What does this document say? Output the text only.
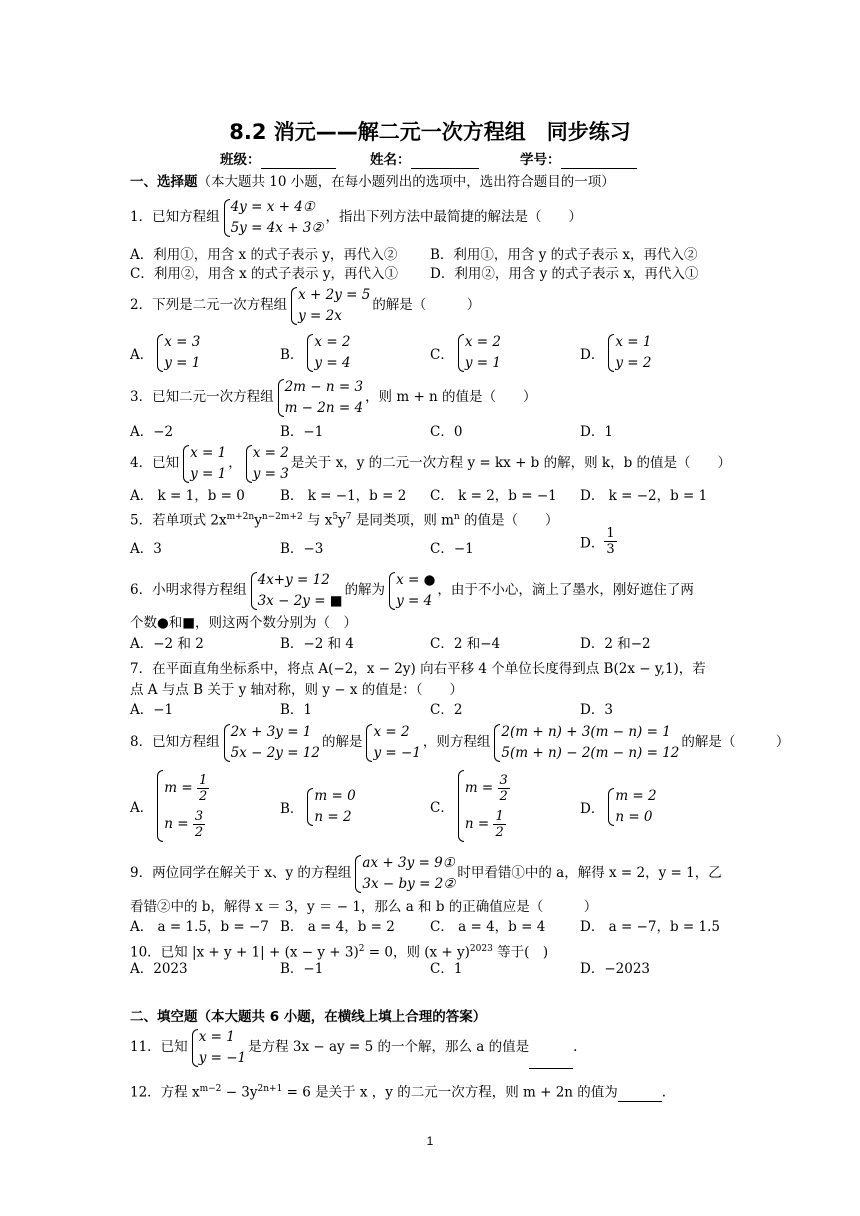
8.2 消元——解二元一次方程组　同步练习
班级：	姓名：	学号：
一、选择题（本大题共 10 小题，在每小题列出的选项中，选出符合题目的一项）
1．已知方程组
4y = x + 4①
5y = 4x + 3②
，指出下列方法中最简捷的解法是（　　）
A．利用①，用含 x 的式子表示 y，再代入② B．利用①，用含 y 的式子表示 x，再代入②
C．利用②，用含 x 的式子表示 y，再代入① D．利用②，用含 y 的式子表示 x，再代入①
2．下列是二元一次方程组
x + 2y = 5
y = 2x
的解是（　　　）
A．
x = 3
y = 1	B．
x = 2
y = 4	C．
x = 2
y = 1	D．
x = 1
y = 2
3．已知二元一次方程组
2m − n = 3
m − 2n = 4
，则 m + n 的值是（　　）
A．−2	B．−1	C．0	D．1
4．已知
x = 1
y = 1
，
x = 2
y = 3
是关于 x，y 的二元一次方程 y = kx + b 的解，则 k，b 的值是（　　）
A． k = 1，b = 0	B． k = −1，b = 2 C． k = 2，b = −1 D． k = −2，b = 1
5．若单项式 $2x^{m+2n}y^{n-2m+2}$ 与 $x^5y^7$ 是同类项，则 $m^n$ 的值是（　　）
A．3	B．−3	C．−1	D． $\frac{1}{3}$
6．小明求得方程组
4x+y = 12
3x − 2y = ■
的解为
x = ●
y = 4
，由于不小心，滴上了墨水，刚好遮住了两
个数●和■，则这两个数分别为（　）
A．−2 和 2	B．−2 和 4	C．2 和−4	D．2 和−2
7．在平面直角坐标系中，将点 A(−2，x − 2y) 向右平移 4 个单位长度得到点 B(2x − y,1)，若
点 A 与点 B 关于 y 轴对称，则 y − x 的值是：（　　）
A．−1	B．1	C．2	D．3
8．已知方程组
2x + 3y = 1
5x − 2y = 12
的解是
x = 2
y = −1
，则方程组
2(m + n) + 3(m − n) = 1
5(m + n) − 2(m − n) = 12
的解是（　　　）
A．
$m = \frac{1}{2}$
$n = \frac{3}{2}$	B．
m = 0
n = 2
C．
$m = \frac{3}{2}$
$n = \frac{1}{2}$	D．
m = 2
n = 0
9．两位同学在解关于 x、y 的方程组
ax + 3y = 9①
3x − by = 2②
时甲看错①中的 a，解得 x = 2，y = 1，乙
看错②中的 b，解得 x ＝ 3，y ＝ − 1，那么 a 和 b 的正确值应是（　　　）
A． a = 1.5，b = −7 B． a = 4，b = 2	C． a = 4，b = 4	D． a = −7，b = 1.5
10．已知 $|x + y + 1| + (x - y + 3)^2 = 0$，则 $(x + y)^{2023}$ 等于(　)
A．2023	B．−1	C．1	D．−2023
二、填空题（本大题共 6 小题，在横线上填上合理的答案）
11．已知
x = 1
y = −1
是方程 3x − ay = 5 的一个解，那么 a 的值是	.
12．方程 $x^{m-2} - 3y^{2n+1} = 6$ 是关于 x ，y 的二元一次方程，则 m + 2n 的值为	.
1
